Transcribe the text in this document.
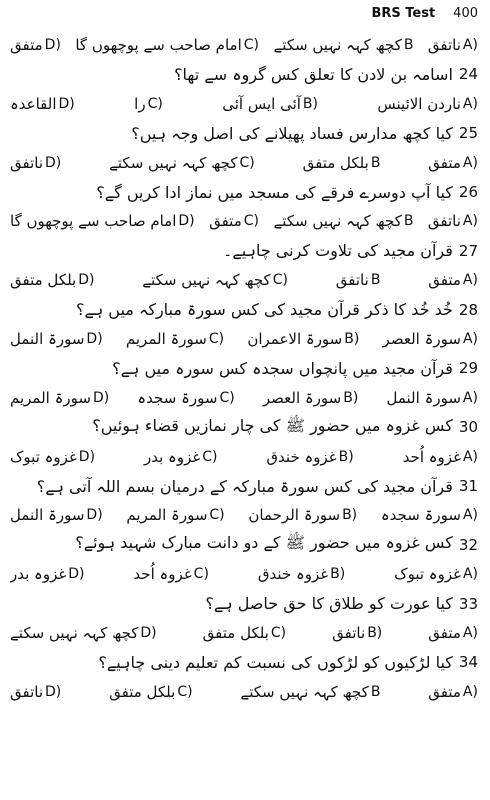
BRS Test 400
A)
ناتفق
B
کچھ کہہ نہیں سکتے
C)
امام صاحب سے پوچھوں گا
D)
متفق
24
اسامہ بن لادن کا تعلق کس گروہ سے تھا؟
A)
ناردن الائینس
B)
آئی ایس آئی
C)
را
D)
القاعدہ
25
کیا کچھ مدارس فساد پھیلانے کی اصل وجہ ہیں؟
A)
متفق
B
بلکل متفق
C)
کچھ کہہ نہیں سکتے
D)
ناتفق
26
کیا آپ دوسرے فرقے کی مسجد میں نماز ادا کریں گے؟
A)
ناتفق
B
کچھ کہہ نہیں سکتے
C)
متفق
D)
امام صاحب سے پوچھوں گا
27
قرآن مجید کی تلاوت کرنی چاہیے۔
A)
متفق
B
ناتفق
C)
کچھ کہہ نہیں سکتے
D)
بلکل متفق
28
خُد خُد کا ذکر قرآن مجید کی کس سورۃ مبارکہ میں ہے؟
A)
سورۃ العصر
B)
سورۃ الاعمران
C)
سورۃ المریم
D)
سورۃ النمل
29
قرآن مجید میں پانچواں سجدہ کس سورہ میں ہے؟
A)
سورۃ النمل
B)
سورۃ العصر
C)
سورۃ سجدہ
D)
سورۃ المریم
30
کس غزوہ میں حضور ﷺ کی چار نمازیں قضاء ہوئیں؟
A)
غزوہ اُحد
B)
غزوہ خندق
C)
غزوہ بدر
D)
غزوہ تبوک
31
قرآن مجید کی کس سورۃ مبارکہ کے درمیان بسم اللہ آتی ہے؟
A)
سورۃ سجدہ
B)
سورۃ الرحمان
C)
سورۃ المریم
D)
سورۃ النمل
32
کس غزوہ میں حضور ﷺ کے دو دانت مبارک شہید ہوئے؟
A)
غزوہ تبوک
B)
غزوہ خندق
C)
غزوہ اُحد
D)
غزوہ بدر
33
کیا عورت کو طلاق کا حق حاصل ہے؟
A)
متفق
B)
ناتفق
C)
بلکل متفق
D)
کچھ کہہ نہیں سکتے
34
کیا لڑکیوں کو لڑکوں کی نسبت کم تعلیم دینی چاہیے؟
A)
متفق
B
کچھ کہہ نہیں سکتے
C)
بلکل متفق
D)
ناتفق
